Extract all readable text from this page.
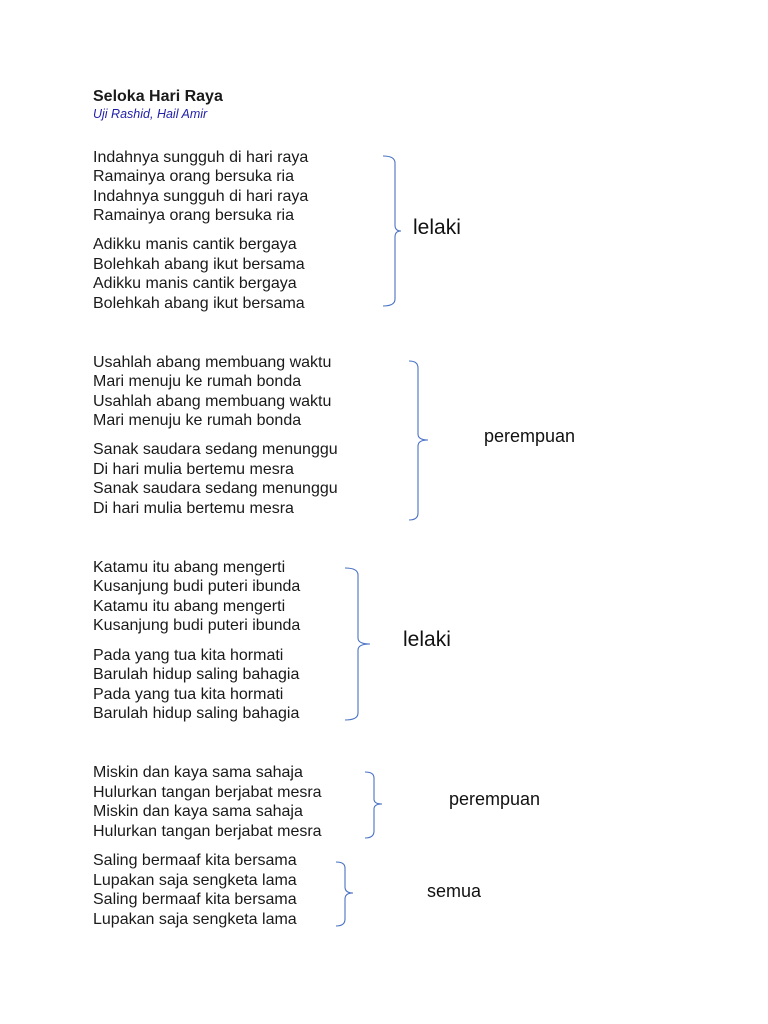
Seloka Hari Raya
Uji Rashid, Hail Amir
Indahnya sungguh di hari raya
Ramainya orang bersuka ria
Indahnya sungguh di hari raya
Ramainya orang bersuka ria
Adikku manis cantik bergaya
Bolehkah abang ikut bersama
Adikku manis cantik bergaya
Bolehkah abang ikut bersama
Usahlah abang membuang waktu
Mari menuju ke rumah bonda
Usahlah abang membuang waktu
Mari menuju ke rumah bonda
Sanak saudara sedang menunggu
Di hari mulia bertemu mesra
Sanak saudara sedang menunggu
Di hari mulia bertemu mesra
Katamu itu abang mengerti
Kusanjung budi puteri ibunda
Katamu itu abang mengerti
Kusanjung budi puteri ibunda
Pada yang tua kita hormati
Barulah hidup saling bahagia
Pada yang tua kita hormati
Barulah hidup saling bahagia
Miskin dan kaya sama sahaja
Hulurkan tangan berjabat mesra
Miskin dan kaya sama sahaja
Hulurkan tangan berjabat mesra
Saling bermaaf kita bersama
Lupakan saja sengketa lama
Saling bermaaf kita bersama
Lupakan saja sengketa lama
lelaki
perempuan
lelaki
perempuan
semua
